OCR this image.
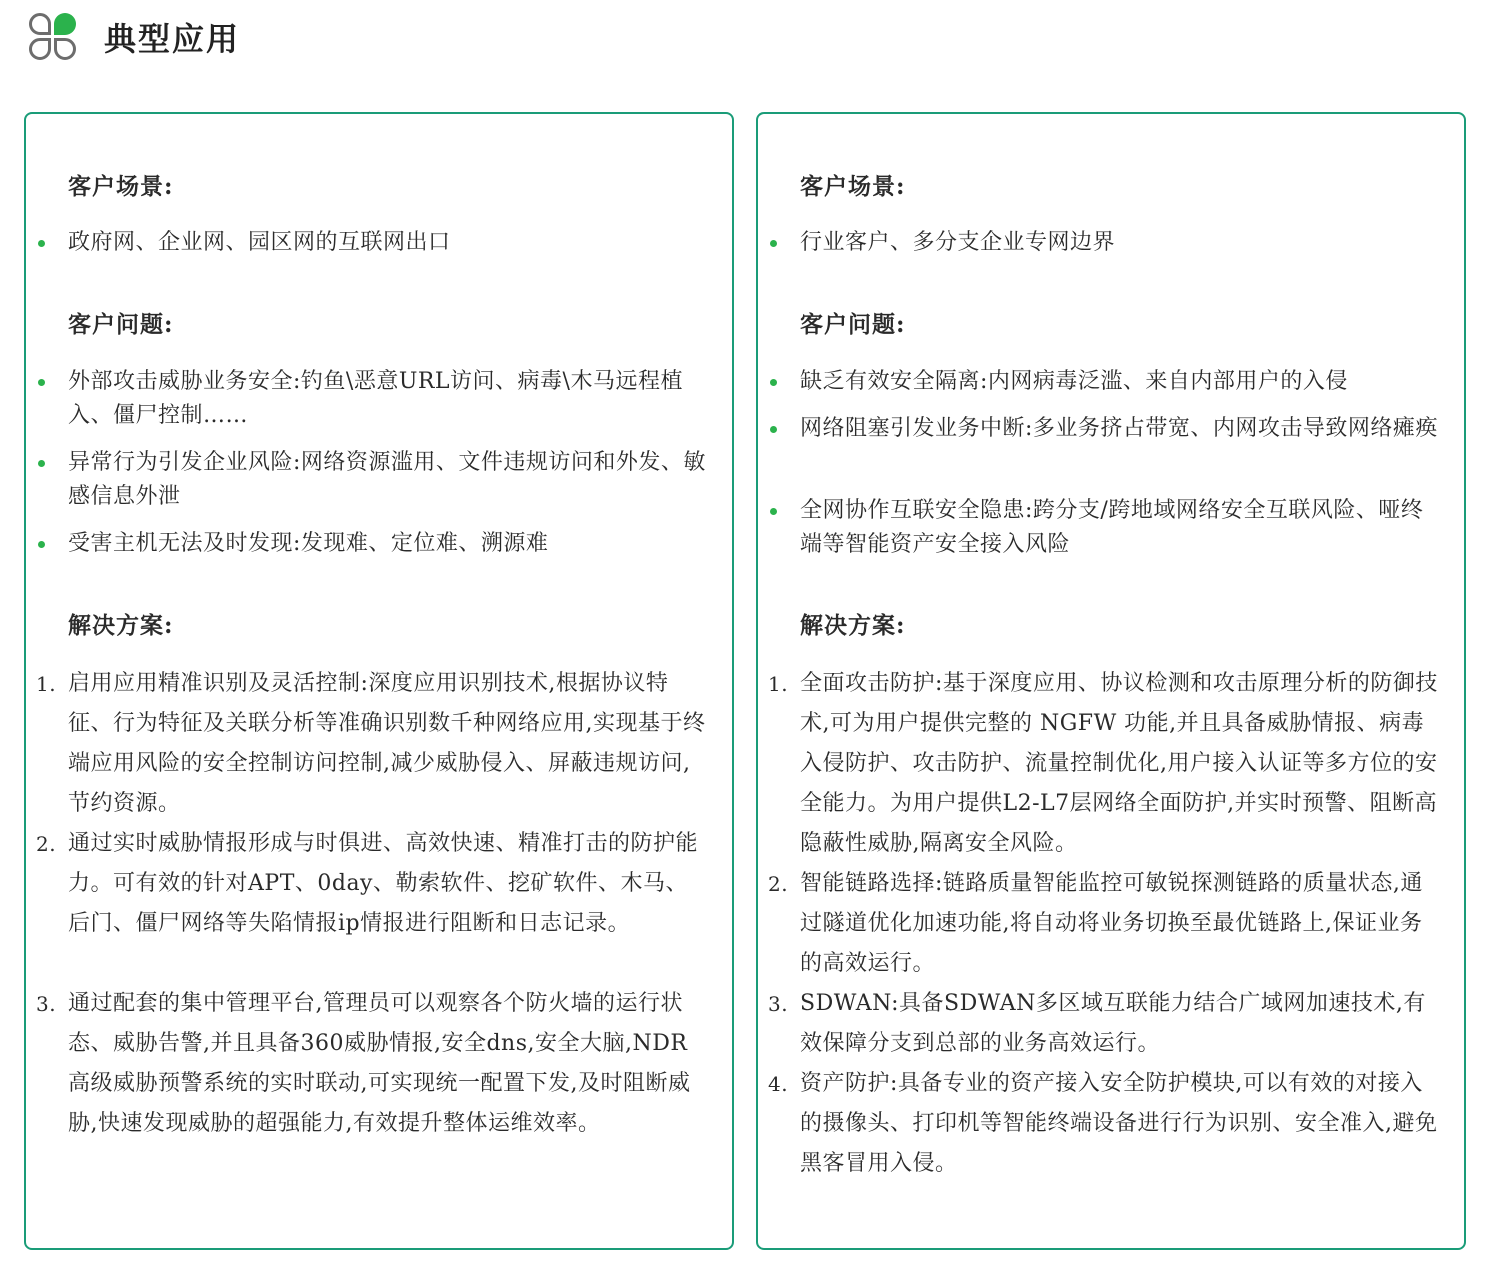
典型应用
客户场景:
政府网、企业网、园区网的互联网出口
客户问题:
外部攻击威胁业务安全:钓鱼\恶意URL访问、病毒\木马远程植入、僵尸控制……
异常行为引发企业风险:网络资源滥用、文件违规访问和外发、敏感信息外泄
受害主机无法及时发现:发现难、定位难、溯源难
解决方案:
1. 启用应用精准识别及灵活控制:深度应用识别技术,根据协议特征、行为特征及关联分析等准确识别数千种网络应用,实现基于终端应用风险的安全控制访问控制,减少威胁侵入、屏蔽违规访问,节约资源。
2. 通过实时威胁情报形成与时俱进、高效快速、精准打击的防护能力。可有效的针对APT、0day、勒索软件、挖矿软件、木马、后门、僵尸网络等失陷情报ip情报进行阻断和日志记录。
3. 通过配套的集中管理平台,管理员可以观察各个防火墙的运行状态、威胁告警,并且具备360威胁情报,安全dns,安全大脑,NDR高级威胁预警系统的实时联动,可实现统一配置下发,及时阻断威胁,快速发现威胁的超强能力,有效提升整体运维效率。
客户场景:
行业客户、多分支企业专网边界
客户问题:
缺乏有效安全隔离:内网病毒泛滥、来自内部用户的入侵
网络阻塞引发业务中断:多业务挤占带宽、内网攻击导致网络瘫痪
全网协作互联安全隐患:跨分支/跨地域网络安全互联风险、哑终端等智能资产安全接入风险
解决方案:
1. 全面攻击防护:基于深度应用、协议检测和攻击原理分析的防御技术,可为用户提供完整的 NGFW 功能,并且具备威胁情报、病毒入侵防护、攻击防护、流量控制优化,用户接入认证等多方位的安全能力。为用户提供L2-L7层网络全面防护,并实时预警、阻断高隐蔽性威胁,隔离安全风险。
2. 智能链路选择:链路质量智能监控可敏锐探测链路的质量状态,通过隧道优化加速功能,将自动将业务切换至最优链路上,保证业务的高效运行。
3. SDWAN:具备SDWAN多区域互联能力结合广域网加速技术,有效保障分支到总部的业务高效运行。
4. 资产防护:具备专业的资产接入安全防护模块,可以有效的对接入的摄像头、打印机等智能终端设备进行行为识别、安全准入,避免黑客冒用入侵。
